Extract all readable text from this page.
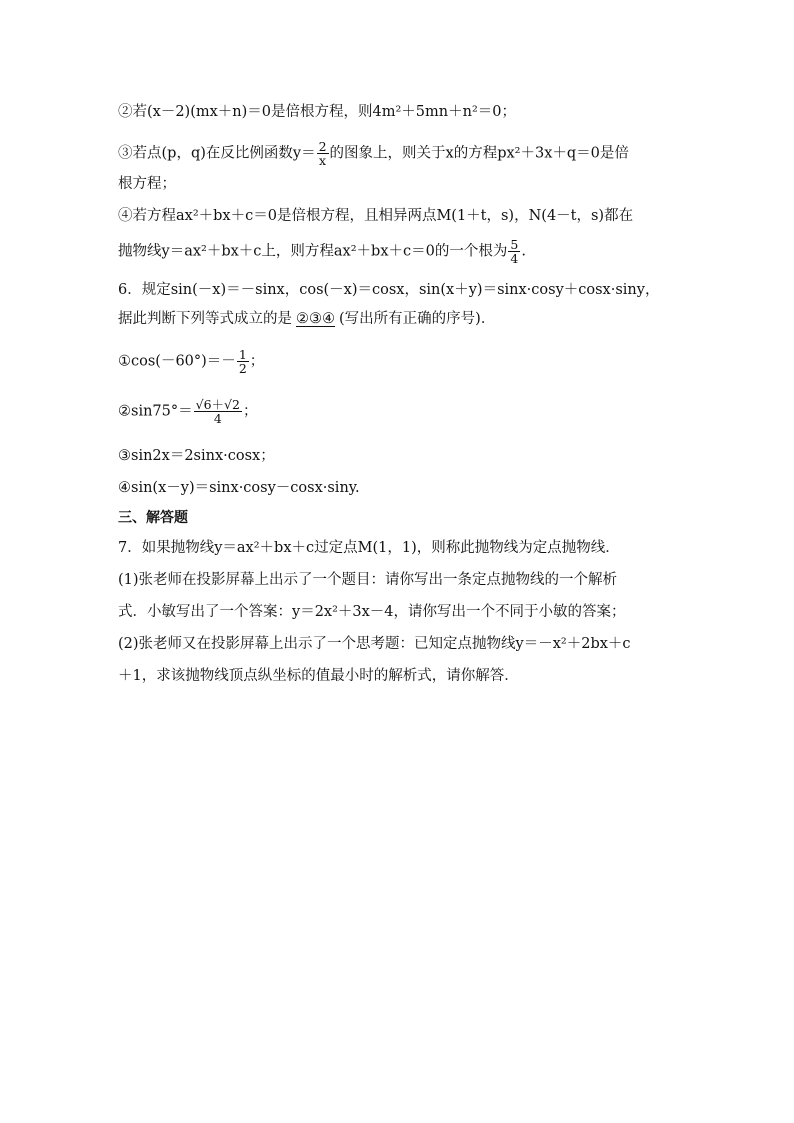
②若(x－2)(mx＋n)＝0是倍根方程，则4m²＋5mn＋n²＝0；
③若点(p，q)在反比例函数$y= \frac{2}{x}$ 的图象上，则关于x的方程px²＋3x＋q＝0是倍
根方程；
④若方程ax²＋bx＋c＝0是倍根方程，且相异两点M(1＋t，s)，N(4－t，s)都在
抛物线y＝ax²＋bx＋c上，则方程ax²＋bx＋c＝0的一个根为 $\frac{5}{4}$ .
6．规定sin(－x)＝－sinx，cos(－x)＝cosx，sin(x＋y)＝sinx·cosy＋cosx·siny，
据此判断下列等式成立的是 ②③④ (写出所有正确的序号)．
①cos(－60°)＝－ $\frac{1}{2}$ ；
②sin75°＝ $\frac{√6+√2}{4}$ ；
③sin2x＝2sinx·cosx；
④sin(x－y)＝sinx·cosy－cosx·siny.
三、解答题
7．如果抛物线y＝ax²＋bx＋c过定点M(1，1)，则称此抛物线为定点抛物线．
(1)张老师在投影屏幕上出示了一个题目：请你写出一条定点抛物线的一个解析
式．小敏写出了一个答案：y＝2x²＋3x－4，请你写出一个不同于小敏的答案；
(2)张老师又在投影屏幕上出示了一个思考题：已知定点抛物线y＝－x²＋2bx＋c
＋1，求该抛物线顶点纵坐标的值最小时的解析式，请你解答．
